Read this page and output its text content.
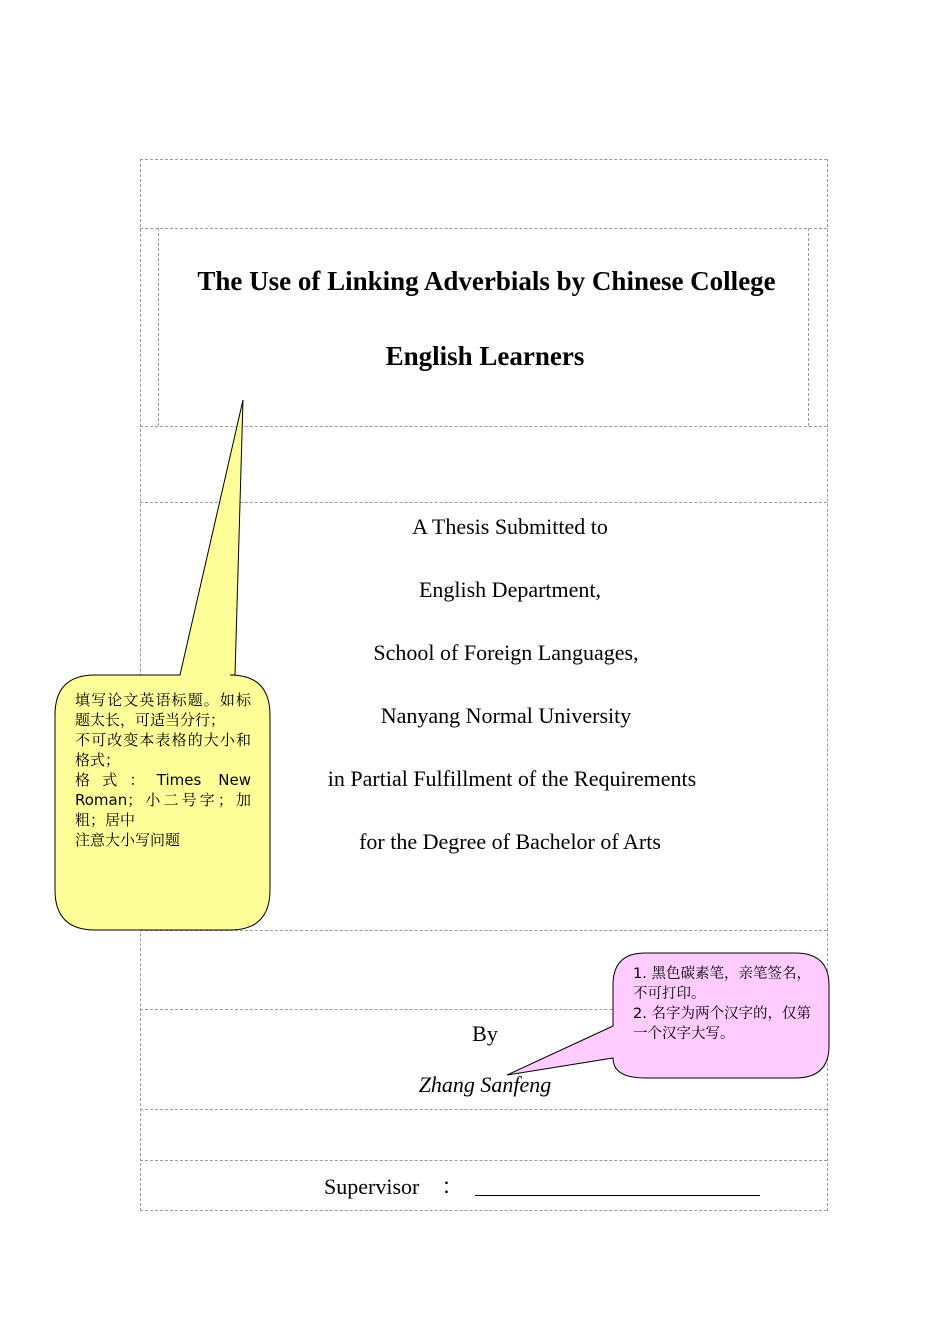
The Use of Linking Adverbials by Chinese College
English Learners
A Thesis Submitted to
English Department,
School of Foreign Languages,
Nanyang Normal University
in Partial Fulfillment of the Requirements
for the Degree of Bachelor of Arts
By
Zhang Sanfeng
Supervisor　：
填写论文英语标题。如标题太长，可适当分行；
不可改变本表格的大小和格式；
格式：Times New Roman；小二号字；加粗；居中
注意大小写问题
1. 黑色碳素笔，亲笔签名，不可打印。
2. 名字为两个汉字的，仅第一个汉字大写。
